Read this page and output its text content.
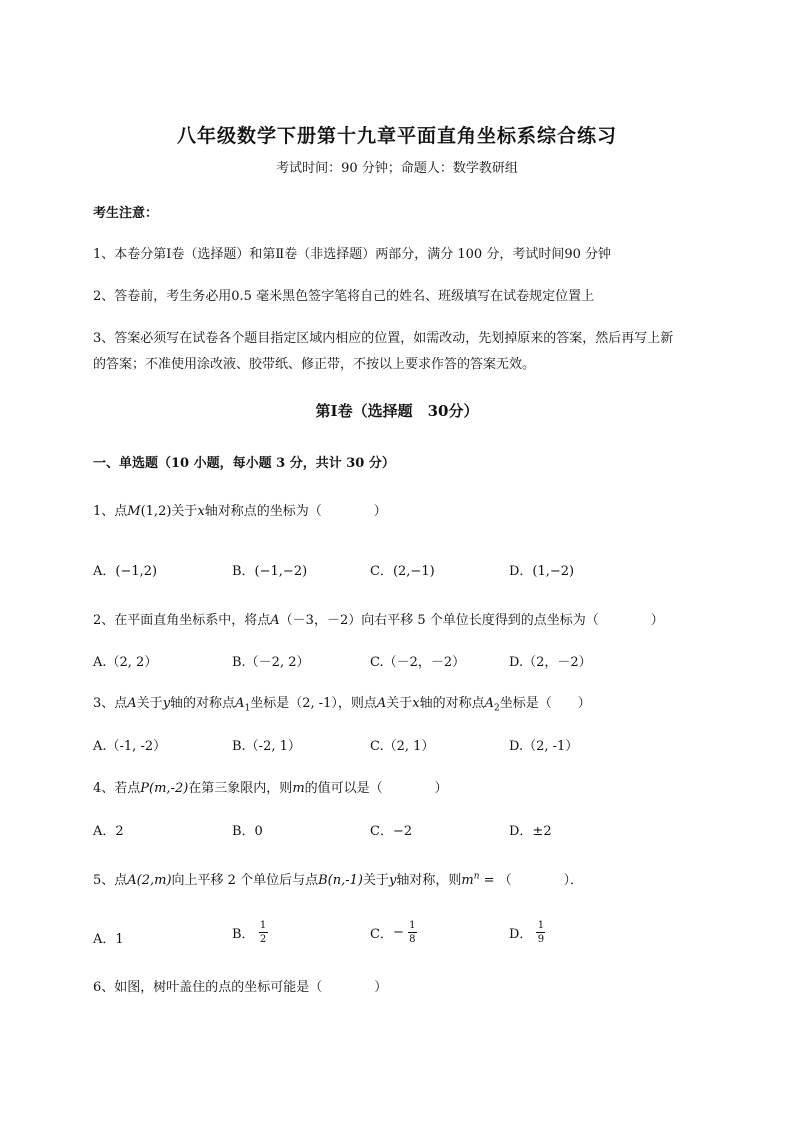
八年级数学下册第十九章平面直角坐标系综合练习
考试时间：90 分钟；命题人：数学教研组
考生注意：
1、本卷分第Ⅰ卷（选择题）和第Ⅱ卷（非选择题）两部分，满分 100 分，考试时间90 分钟
2、答卷前，考生务必用0.5 毫米黑色签字笔将自己的姓名、班级填写在试卷规定位置上
3、答案必须写在试卷各个题目指定区域内相应的位置，如需改动，先划掉原来的答案，然后再写上新
的答案；不准使用涂改液、胶带纸、修正带，不按以上要求作答的答案无效。
第Ⅰ卷（选择题　30分）
一、单选题（10 小题，每小题 3 分，共计 30 分）
1、点M(1,2)关于x轴对称点的坐标为（　　　　）
A．(−1,2)	B．(−1,−2)	C．(2,−1)	D．(1,−2)
2、在平面直角坐标系中，将点A（－3，－2）向右平移 5 个单位长度得到的点坐标为（　　　　）
A.（2, 2）	B.（－2, 2）	C.（－2，－2）	D.（2，－2）
3、点A关于y轴的对称点$A_1$坐标是（2, -1），则点A关于x轴的对称点$A_2$坐标是（　　）
A.（-1, -2）	B.（-2, 1）	C.（2, 1）	D.（2, -1）
4、若点P(m,-2)在第三象限内，则m的值可以是（　　　　）
A．2	B．0	C．−2	D．±2
5、点A(2,m)向上平移 2 个单位后与点B(n,-1)关于y轴对称，则$m^n$ = （　　　　）．
A．1	B． $\frac{1}{2}$	C．− $\frac{1}{8}$	D． $\frac{1}{9}$
6、如图，树叶盖住的点的坐标可能是（　　　　）
